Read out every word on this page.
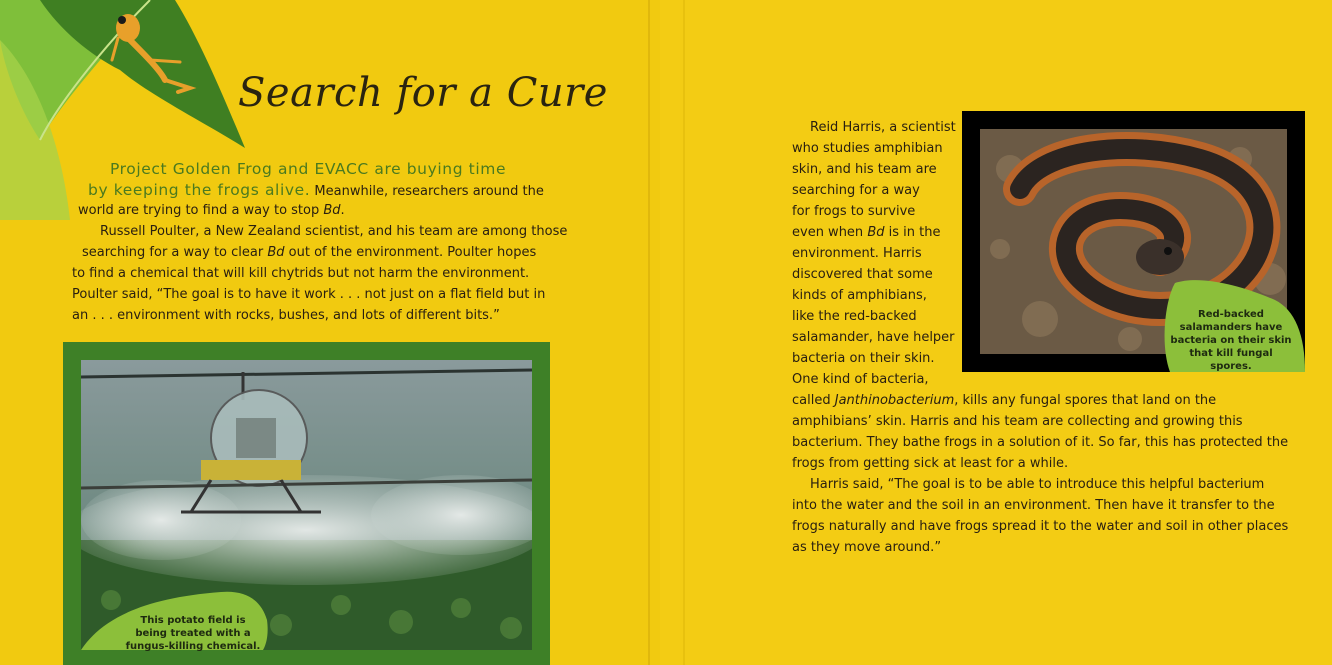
Search for a Cure
Project Golden Frog and EVACC are buying time
by keeping the frogs alive. Meanwhile, researchers around the
world are trying to find a way to stop Bd.
Russell Poulter, a New Zealand scientist, and his team are among those
searching for a way to clear Bd out of the environment. Poulter hopes
to find a chemical that will kill chytrids but not harm the environment.
Poulter said, “The goal is to have it work . . . not just on a flat field but in
an . . . environment with rocks, bushes, and lots of different bits.”
This potato field is being treated with a fungus-killing chemical.
Red-backed salamanders have bacteria on their skin that kill fungal spores.
Reid Harris, a scientist
who studies amphibian
skin, and his team are
searching for a way
for frogs to survive
even when Bd is in the
environment. Harris
discovered that some
kinds of amphibians,
like the red-backed
salamander, have helper
bacteria on their skin.
One kind of bacteria,
called Janthinobacterium, kills any fungal spores that land on the
amphibians’ skin. Harris and his team are collecting and growing this
bacterium. They bathe frogs in a solution of it. So far, this has protected the
frogs from getting sick at least for a while.
Harris said, “The goal is to be able to introduce this helpful bacterium
into the water and the soil in an environment. Then have it transfer to the
frogs naturally and have frogs spread it to the water and soil in other places
as they move around.”
